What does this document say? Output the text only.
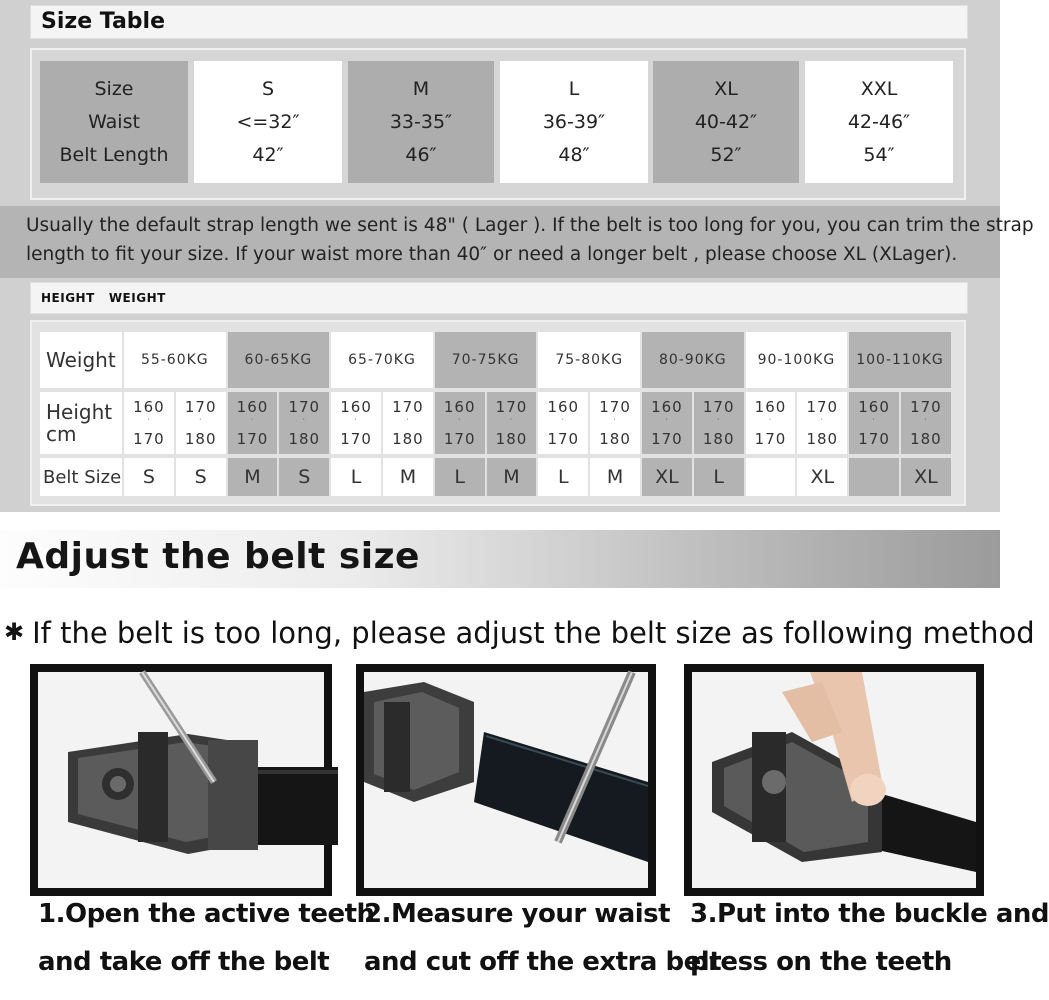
Size Table
Size
Waist
Belt Length
S
<=32″
42″
M
33-35″
46″
L
36-39″
48″
XL
40-42″
52″
XXL
42-46″
54″
Usually the default strap length we sent is 48" ( Lager ). If the belt is too long for you, you can trim the strap
length to fit your size. If your waist more than 40″ or need a longer belt , please choose XL (XLager).
HEIGHT   WEIGHT
Weight
Height
cm
Belt Size
55-60KG
160
˙
170
S
170
˙
180
S
60-65KG
160
˙
170
M
170
˙
180
S
65-70KG
160
˙
170
L
170
˙
180
M
70-75KG
160
˙
170
L
170
˙
180
M
75-80KG
160
˙
170
L
170
˙
180
M
80-90KG
160
˙
170
XL
170
˙
180
L
90-100KG
160
˙
170
170
˙
180
XL
100-110KG
160
˙
170
170
˙
180
XL
Adjust the belt size
✱ If the belt is too long, please adjust the belt size as following method
1.Open the active teeth
and take off the belt
2.Measure your waist
and cut off the extra belt
3.Put into the buckle and
press on the teeth
